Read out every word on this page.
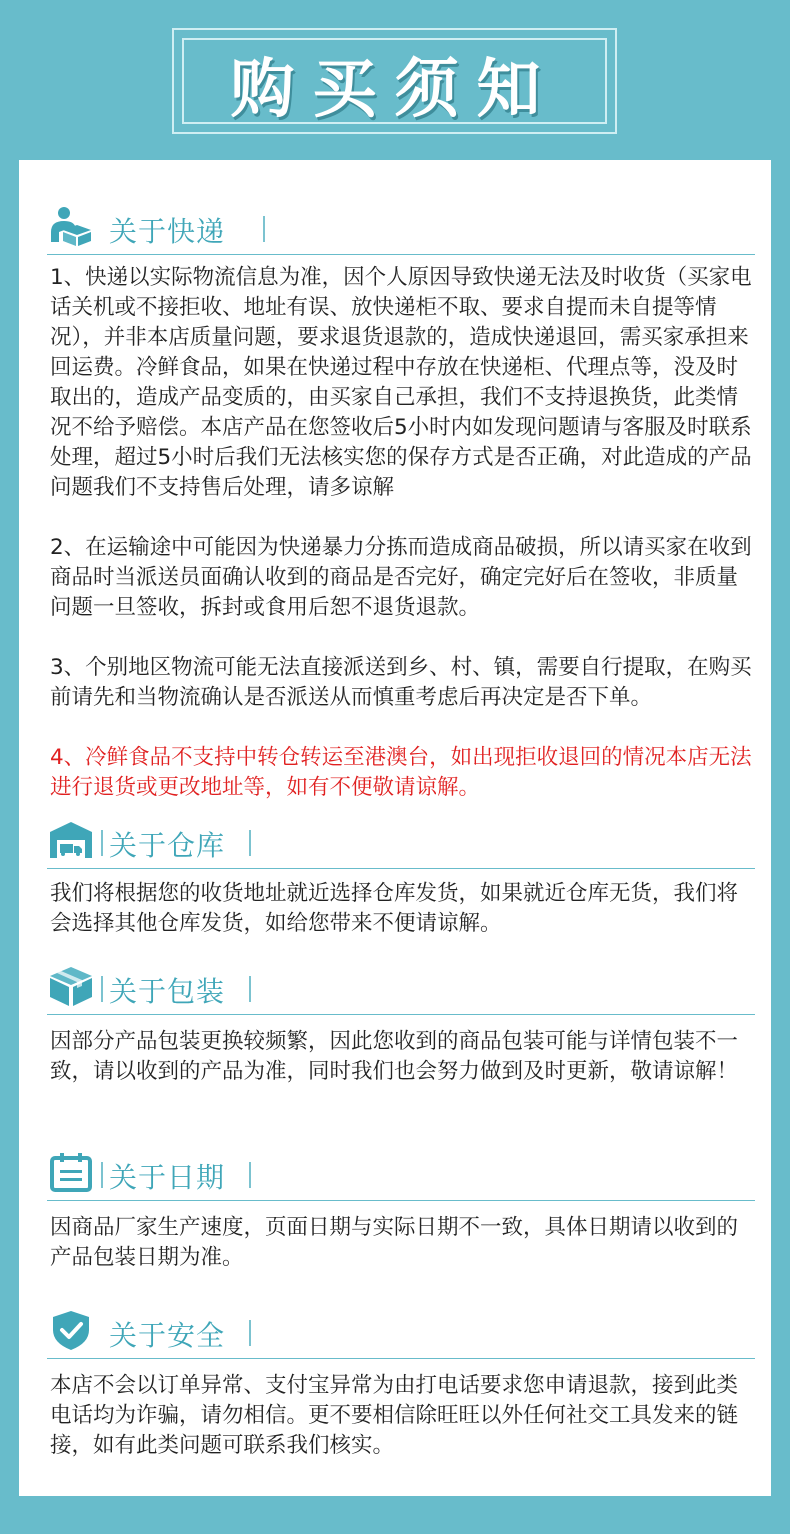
购买须知
关于快递

1、快递以实际物流信息为准，因个人原因导致快递无法及时收货（买家电话关机或不接拒收、地址有误、放快递柜不取、要求自提而未自提等情况），并非本店质量问题，要求退货退款的，造成快递退回，需买家承担来回运费。冷鲜食品，如果在快递过程中存放在快递柜、代理点等，没及时取出的，造成产品变质的，由买家自己承担，我们不支持退换货，此类情况不给予赔偿。本店产品在您签收后5小时内如发现问题请与客服及时联系处理，超过5小时后我们无法核实您的保存方式是否正确，对此造成的产品问题我们不支持售后处理，请多谅解

2、在运输途中可能因为快递暴力分拣而造成商品破损，所以请买家在收到商品时当派送员面确认收到的商品是否完好，确定完好后在签收，非质量问题一旦签收，拆封或食用后恕不退货退款。

3、个别地区物流可能无法直接派送到乡、村、镇，需要自行提取，在购买前请先和当物流确认是否派送从而慎重考虑后再决定是否下单。

4、冷鲜食品不支持中转仓转运至港澳台，如出现拒收退回的情况本店无法进行退货或更改地址等，如有不便敬请谅解。

关于仓库

我们将根据您的收货地址就近选择仓库发货，如果就近仓库无货，我们将会选择其他仓库发货，如给您带来不便请谅解。

关于包装

因部分产品包装更换较频繁，因此您收到的商品包装可能与详情包装不一致，请以收到的产品为准，同时我们也会努力做到及时更新，敬请谅解！

关于日期

因商品厂家生产速度，页面日期与实际日期不一致，具体日期请以收到的产品包装日期为准。

关于安全

本店不会以订单异常、支付宝异常为由打电话要求您申请退款，接到此类电话均为诈骗，请勿相信。更不要相信除旺旺以外任何社交工具发来的链接，如有此类问题可联系我们核实。
